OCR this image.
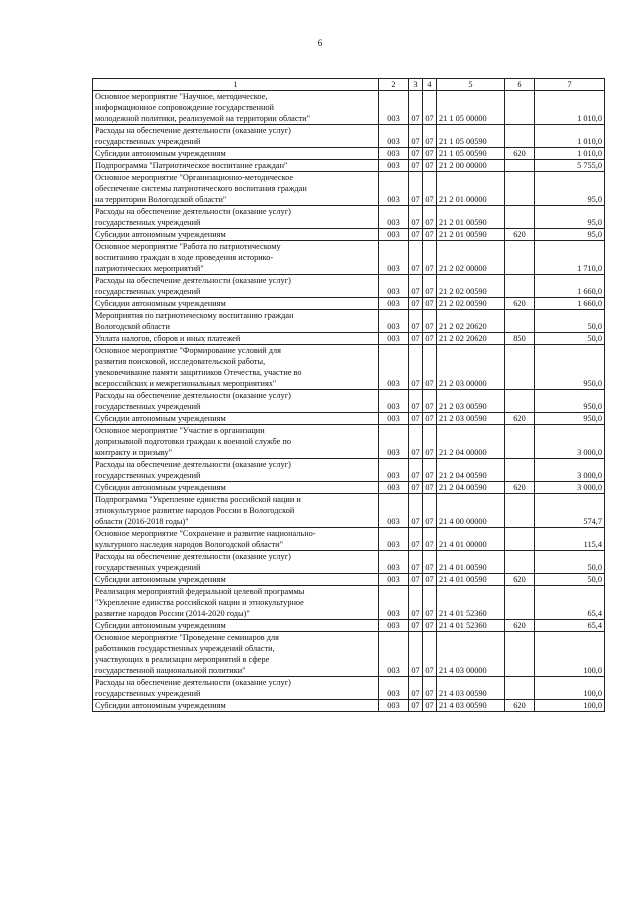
6
1	2	3	4	5	6	7
Основное мероприятие "Научное, методическое,
информационное сопровождение государственной
молодежной политики, реализуемой на территории области"	003	07	07	21 1 05 00000		1 010,0
Расходы на обеспечение деятельности (оказание услуг)
государственных учреждений	003	07	07	21 1 05 00590		1 010,0
Субсидии автономным учреждениям	003	07	07	21 1 05 00590	620	1 010,0
Подпрограмма "Патриотическое воспитание граждан"	003	07	07	21 2 00 00000		5 755,0
Основное мероприятие "Организационно-методическое
обеспечение системы патриотического воспитания граждан
на территории Вологодской области"	003	07	07	21 2 01 00000		95,0
Расходы на обеспечение деятельности (оказание услуг)
государственных учреждений	003	07	07	21 2 01 00590		95,0
Субсидии автономным учреждениям	003	07	07	21 2 01 00590	620	95,0
Основное мероприятие "Работа по патриотическому
воспитанию граждан в ходе проведения историко-
патриотических мероприятий"	003	07	07	21 2 02 00000		1 710,0
Расходы на обеспечение деятельности (оказание услуг)
государственных учреждений	003	07	07	21 2 02 00590		1 660,0
Субсидии автономным учреждениям	003	07	07	21 2 02 00590	620	1 660,0
Мероприятия по патриотическому воспитанию граждан
Вологодской области	003	07	07	21 2 02 20620		50,0
Уплата налогов, сборов и иных платежей	003	07	07	21 2 02 20620	850	50,0
Основное мероприятие "Формирование условий для
развития поисковой, исследовательской работы,
увековечивание памяти защитников Отечества, участие во
всероссийских и межрегиональных мероприятиях"	003	07	07	21 2 03 00000		950,0
Расходы на обеспечение деятельности (оказание услуг)
государственных учреждений	003	07	07	21 2 03 00590		950,0
Субсидии автономным учреждениям	003	07	07	21 2 03 00590	620	950,0
Основное мероприятие "Участие в организации
допризывной подготовки граждан к военной службе по
контракту и призыву"	003	07	07	21 2 04 00000		3 000,0
Расходы на обеспечение деятельности (оказание услуг)
государственных учреждений	003	07	07	21 2 04 00590		3 000,0
Субсидии автономным учреждениям	003	07	07	21 2 04 00590	620	3 000,0
Подпрограмма "Укрепление единства российской нации и
этнокультурное развитие народов России в Вологодской
области (2016-2018 годы)"	003	07	07	21 4 00 00000		574,7
Основное мероприятие "Сохранение и развитие национально-
культурного наследия народов Вологодской области"	003	07	07	21 4 01 00000		115,4
Расходы на обеспечение деятельности (оказание услуг)
государственных учреждений	003	07	07	21 4 01 00590		50,0
Субсидии автономным учреждениям	003	07	07	21 4 01 00590	620	50,0
Реализация мероприятий федеральной целевой программы
"Укрепление единства российской нации и этнокультурное
развитие народов России (2014-2020 годы)"	003	07	07	21 4 01 52360		65,4
Субсидии автономным учреждениям	003	07	07	21 4 01 52360	620	65,4
Основное мероприятие "Проведение семинаров для
работников государственных учреждений области,
участвующих в реализации мероприятий в сфере
государственной национальной политики"	003	07	07	21 4 03 00000		100,0
Расходы на обеспечение деятельности (оказание услуг)
государственных учреждений	003	07	07	21 4 03 00590		100,0
Субсидии автономным учреждениям	003	07	07	21 4 03 00590	620	100,0
